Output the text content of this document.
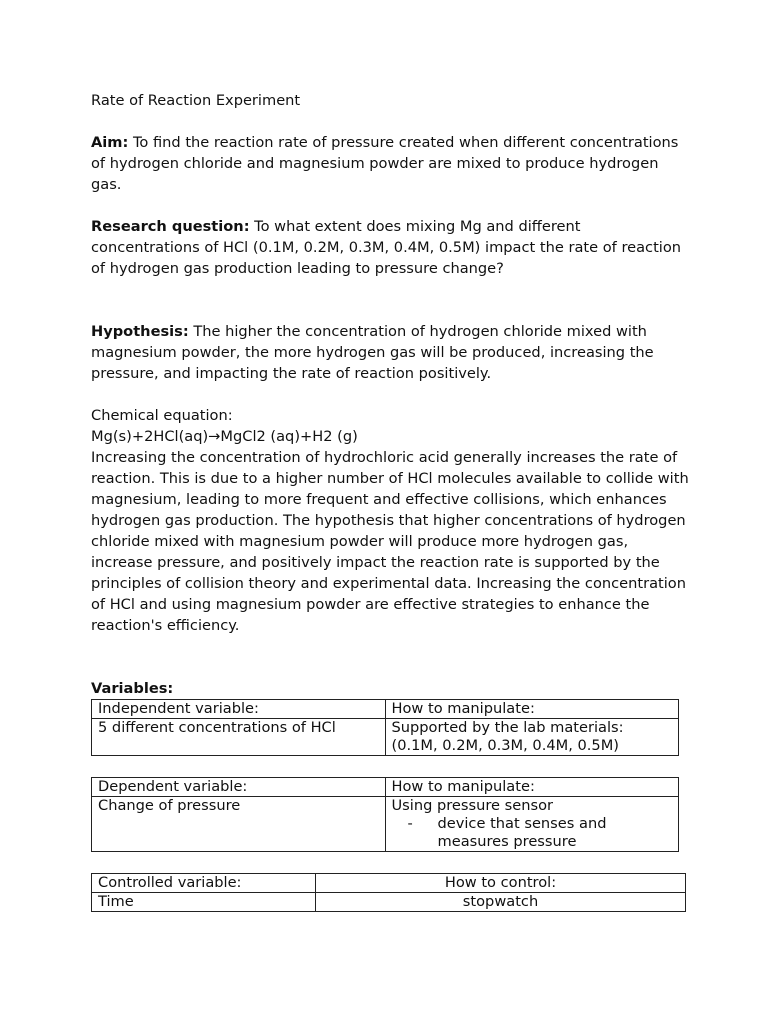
Rate of Reaction Experiment

Aim: To find the reaction rate of pressure created when different concentrations of hydrogen chloride and magnesium powder are mixed to produce hydrogen gas.

Research question: To what extent does mixing Mg and different concentrations of HCl (0.1M, 0.2M, 0.3M, 0.4M, 0.5M) impact the rate of reaction of hydrogen gas production leading to pressure change?

Hypothesis: The higher the concentration of hydrogen chloride mixed with magnesium powder, the more hydrogen gas will be produced, increasing the pressure, and impacting the rate of reaction positively.

Chemical equation:

Mg(s)+2HCl(aq)→MgCl2 (aq)+H2 (g)

Increasing the concentration of hydrochloric acid generally increases the rate of reaction. This is due to a higher number of HCl molecules available to collide with magnesium, leading to more frequent and effective collisions, which enhances hydrogen gas production. The hypothesis that higher concentrations of hydrogen chloride mixed with magnesium powder will produce more hydrogen gas, increase pressure, and positively impact the reaction rate is supported by the principles of collision theory and experimental data. Increasing the concentration of HCl and using magnesium powder are effective strategies to enhance the reaction's efficiency.

Variables:

Independent variable:	How to manipulate:
5 different concentrations of HCl	Supported by the lab materials:
(0.1M, 0.2M, 0.3M, 0.4M, 0.5M)
Dependent variable:	How to manipulate:
Change of pressure	Using pressure sensor
- device that senses and measures pressure
Controlled variable:	How to control:
Time	stopwatch
